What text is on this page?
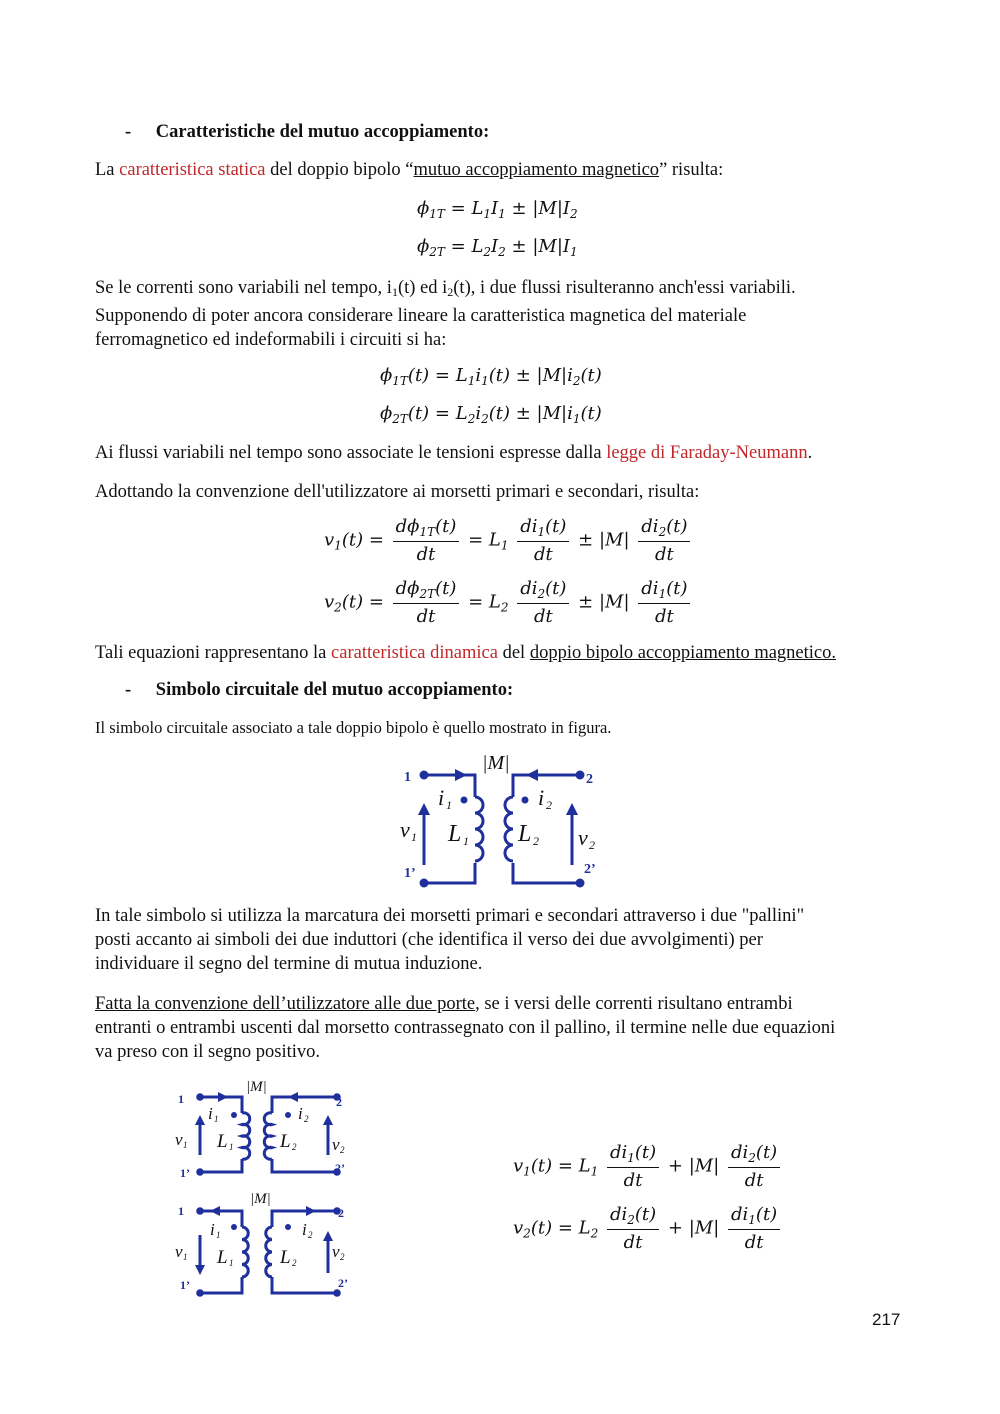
- Caratteristiche del mutuo accoppiamento:
La caratteristica statica del doppio bipolo “mutuo accoppiamento magnetico” risulta:
$\phi_{1T} = L_1I_1 \pm |M|I_2$
$\phi_{2T} = L_2I_2 \pm |M|I_1$
Se le correnti sono variabili nel tempo, i1(t) ed i2(t), i due flussi risulteranno anch'essi variabili.
Supponendo di poter ancora considerare lineare la caratteristica magnetica del materiale
ferromagnetico ed indeformabili i circuiti si ha:
$\phi_{1T}(t) = L_1i_1(t) \pm |M|i_2(t)$
$\phi_{2T}(t) = L_2i_2(t) \pm |M|i_1(t)$
Ai flussi variabili nel tempo sono associate le tensioni espresse dalla legge di Faraday-Neumann.
Adottando la convenzione dell'utilizzatore ai morsetti primari e secondari, risulta:
$v_1(t) = \frac{d\phi_{1T}(t)}{dt} = L_1 \frac{di_1(t)}{dt} \pm |M| \frac{di_2(t)}{dt}$
$v_2(t) = \frac{d\phi_{2T}(t)}{dt} = L_2 \frac{di_2(t)}{dt} \pm |M| \frac{di_1(t)}{dt}$
Tali equazioni rappresentano la caratteristica dinamica del doppio bipolo accoppiamento magnetico.
- Simbolo circuitale del mutuo accoppiamento:
Il simbolo circuitale associato a tale doppio bipolo è quello mostrato in figura.
1
1’
2
2’
|M|
i 1	i 2
v 1	v 2
L 1 L 2
In tale simbolo si utilizza la marcatura dei morsetti primari e secondari attraverso i due "pallini"
posti accanto ai simboli dei due induttori (che identifica il verso dei due avvolgimenti) per
individuare il segno del termine di mutua induzione.
Fatta la convenzione dell’utilizzatore alle due porte, se i versi delle correnti risultano entrambi
entranti o entrambi uscenti dal morsetto contrassegnato con il pallino, il termine nelle due equazioni
va preso con il segno positivo.
1
1’
2
2’
|M|
i 1	i 2
v 1	v 2
L 1 L 2
1
1’
2
2’
|M|
i 1	i 2
v 1	v 2
L 1 L 2
$v_1(t) = L_1 \frac{di_1(t)}{dt} + |M| \frac{di_2(t)}{dt}$
$v_2(t) = L_2 \frac{di_2(t)}{dt} + |M| \frac{di_1(t)}{dt}$
217
